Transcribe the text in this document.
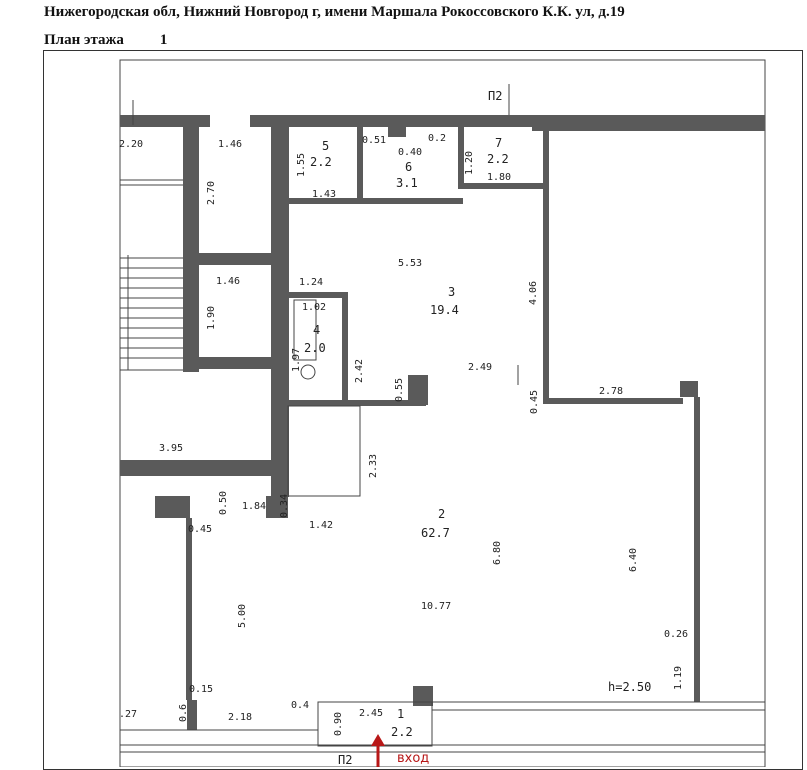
Нижегородская обл, Нижний Новгород г, имени Маршала Рокоссовского К.К. ул, д.19
План этажа 1
П2
П2
h=2.50
вход
5
2.2	6
3.1
7
2.2
3
19.4
4
2.0
2
62.7
1
2.2
2.20	1.46
2.70
1.46
1.90
3.95
1.55
1.43
0.51
0.40
0.2
1.20
1.80
5.53
1.24
1.02
1.97	2.42
4.06
0.55
2.49
0.45	2.78
2.33
0.50 1.84 0.34
1.42
0.45
5.00	10.77
6.80	6.40
0.26
1.19
0.15
0.6	2.18
.27
0.4
0.90 2.45
